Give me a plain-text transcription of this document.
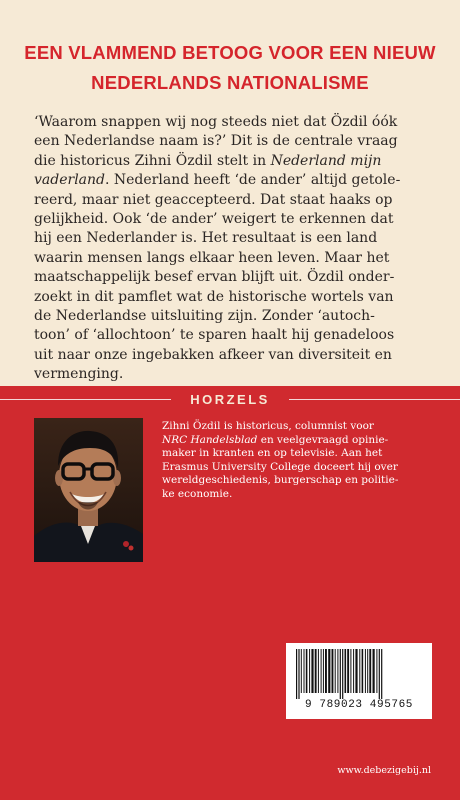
EEN VLAMMEND BETOOG VOOR EEN NIEUW
NEDERLANDS NATIONALISME
‘Waarom snappen wij nog steeds niet dat Özdil óók
een Nederlandse naam is?’ Dit is de centrale vraag
die historicus Zihni Özdil stelt in Nederland mijn
vaderland. Nederland heeft ‘de ander’ altijd getole-
reerd, maar niet geaccepteerd. Dat staat haaks op
gelijkheid. Ook ‘de ander’ weigert te erkennen dat
hij een Nederlander is. Het resultaat is een land
waarin mensen langs elkaar heen leven. Maar het
maatschappelijk besef ervan blijft uit. Özdil onder-
zoekt in dit pamflet wat de historische wortels van
de Nederlandse uitsluiting zijn. Zonder ‘autoch-
toon’ of ‘allochtoon’ te sparen haalt hij genadeloos
uit naar onze ingebakken afkeer van diversiteit en
vermenging.
HORZELS
Zihni Özdil is historicus, columnist voor
NRC Handelsblad en veelgevraagd opinie-
maker in kranten en op televisie. Aan het
Erasmus University College doceert hij over
wereldgeschiedenis, burgerschap en politie-
ke economie.
9 789023 495765
www.debezigebij.nl
